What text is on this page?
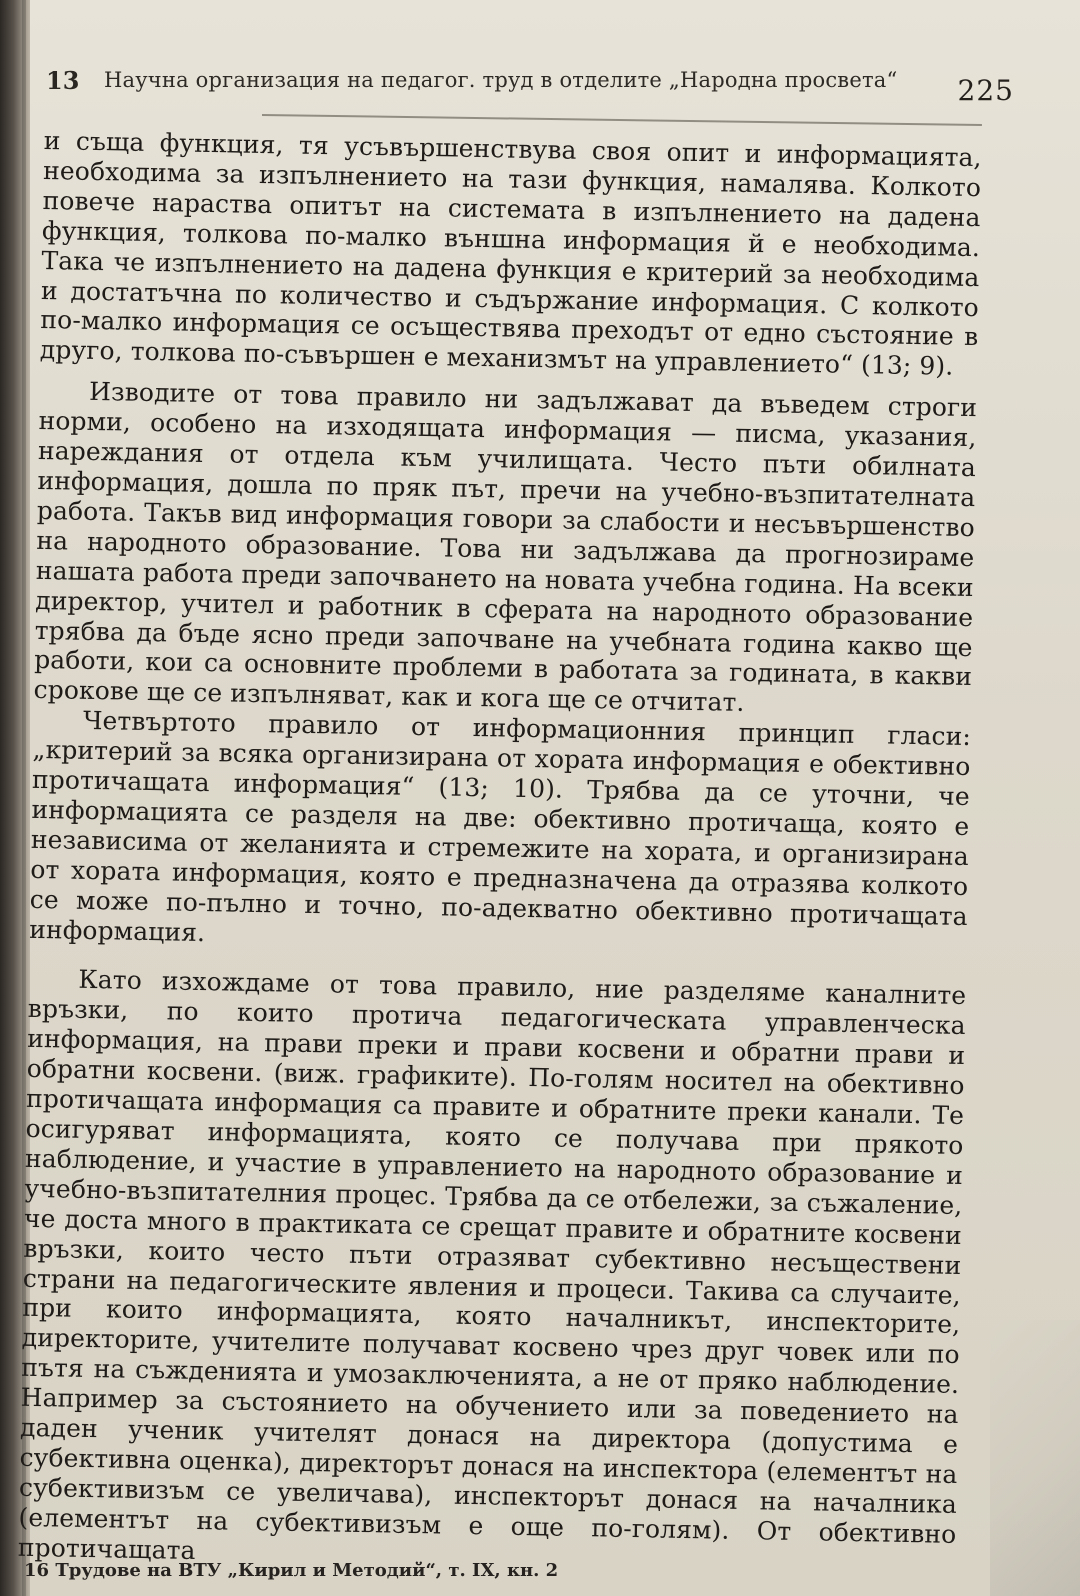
13 Научна организация на педагог. труд в отделите „Народна просвета“ 225

и съща функция, тя усъвършенствува своя опит и информацията, необходима за изпълнението на тази функция, намалява. Колкото повече нараства опитът на системата в изпълнението на дадена функция, толкова по-малко външна информация й е необходима. Така че изпълнението на дадена функция е критерий за необходима и достатъчна по количество и съдържание информация. С колкото по-малко информация се осъществява преходът от едно състояние в друго, толкова по-съвършен е механизмът на управлението“ (13; 9).

Изводите от това правило ни задължават да въведем строги норми, особено на изходящата информация — писма, указания, нареждания от отдела към училищата. Често пъти обилната информация, дошла по пряк път, пречи на учебно-възпитателната работа. Такъв вид информация говори за слабости и несъвършенство на народното образование. Това ни задължава да прогнозираме нашата работа преди започването на новата учебна година. На всеки директор, учител и работник в сферата на народното образование трябва да бъде ясно преди започване на учебната година какво ще работи, кои са основните проблеми в работата за годината, в какви срокове ще се изпълняват, как и кога ще се отчитат.

Четвъртото правило от информационния принцип гласи: „критерий за всяка организирана от хората информация е обективно протичащата информация“ (13; 10). Трябва да се уточни, че информацията се разделя на две: обективно протичаща, която е независима от желанията и стремежите на хората, и организирана от хората информация, която е предназначена да отразява колкото се може по-пълно и точно, по-адекватно обективно протичащата информация.

Като изхождаме от това правило, ние разделяме каналните връзки, по които протича педагогическата управленческа информация, на прави преки и прави косвени и обратни прави и обратни косвени. (виж. графиките). По-голям носител на обективно протичащата информация са правите и обратните преки канали. Те осигуряват информацията, която се получава при прякото наблюдение, и участие в управлението на народното образование и учебно-възпитателния процес. Трябва да се отбележи, за съжаление, че доста много в практиката се срещат правите и обратните косвени връзки, които често пъти отразяват субективно несъществени страни на педагогическите явления и процеси. Такива са случаите, при които информацията, която началникът, инспекторите, директорите, учителите получават косвено чрез друг човек или по пътя на съжденията и умозаключенията, а не от пряко наблюдение. Например за състоянието на обучението или за поведението на даден ученик учителят донася на директора (допустима е субективна оценка), директорът донася на инспектора (елементът на субективизъм се увеличава), инспекторът донася на началника (елементът на субективизъм е още по-голям). От обективно протичащата

16 Трудове на ВТУ „Кирил и Методий“, т. IX, кн. 2
